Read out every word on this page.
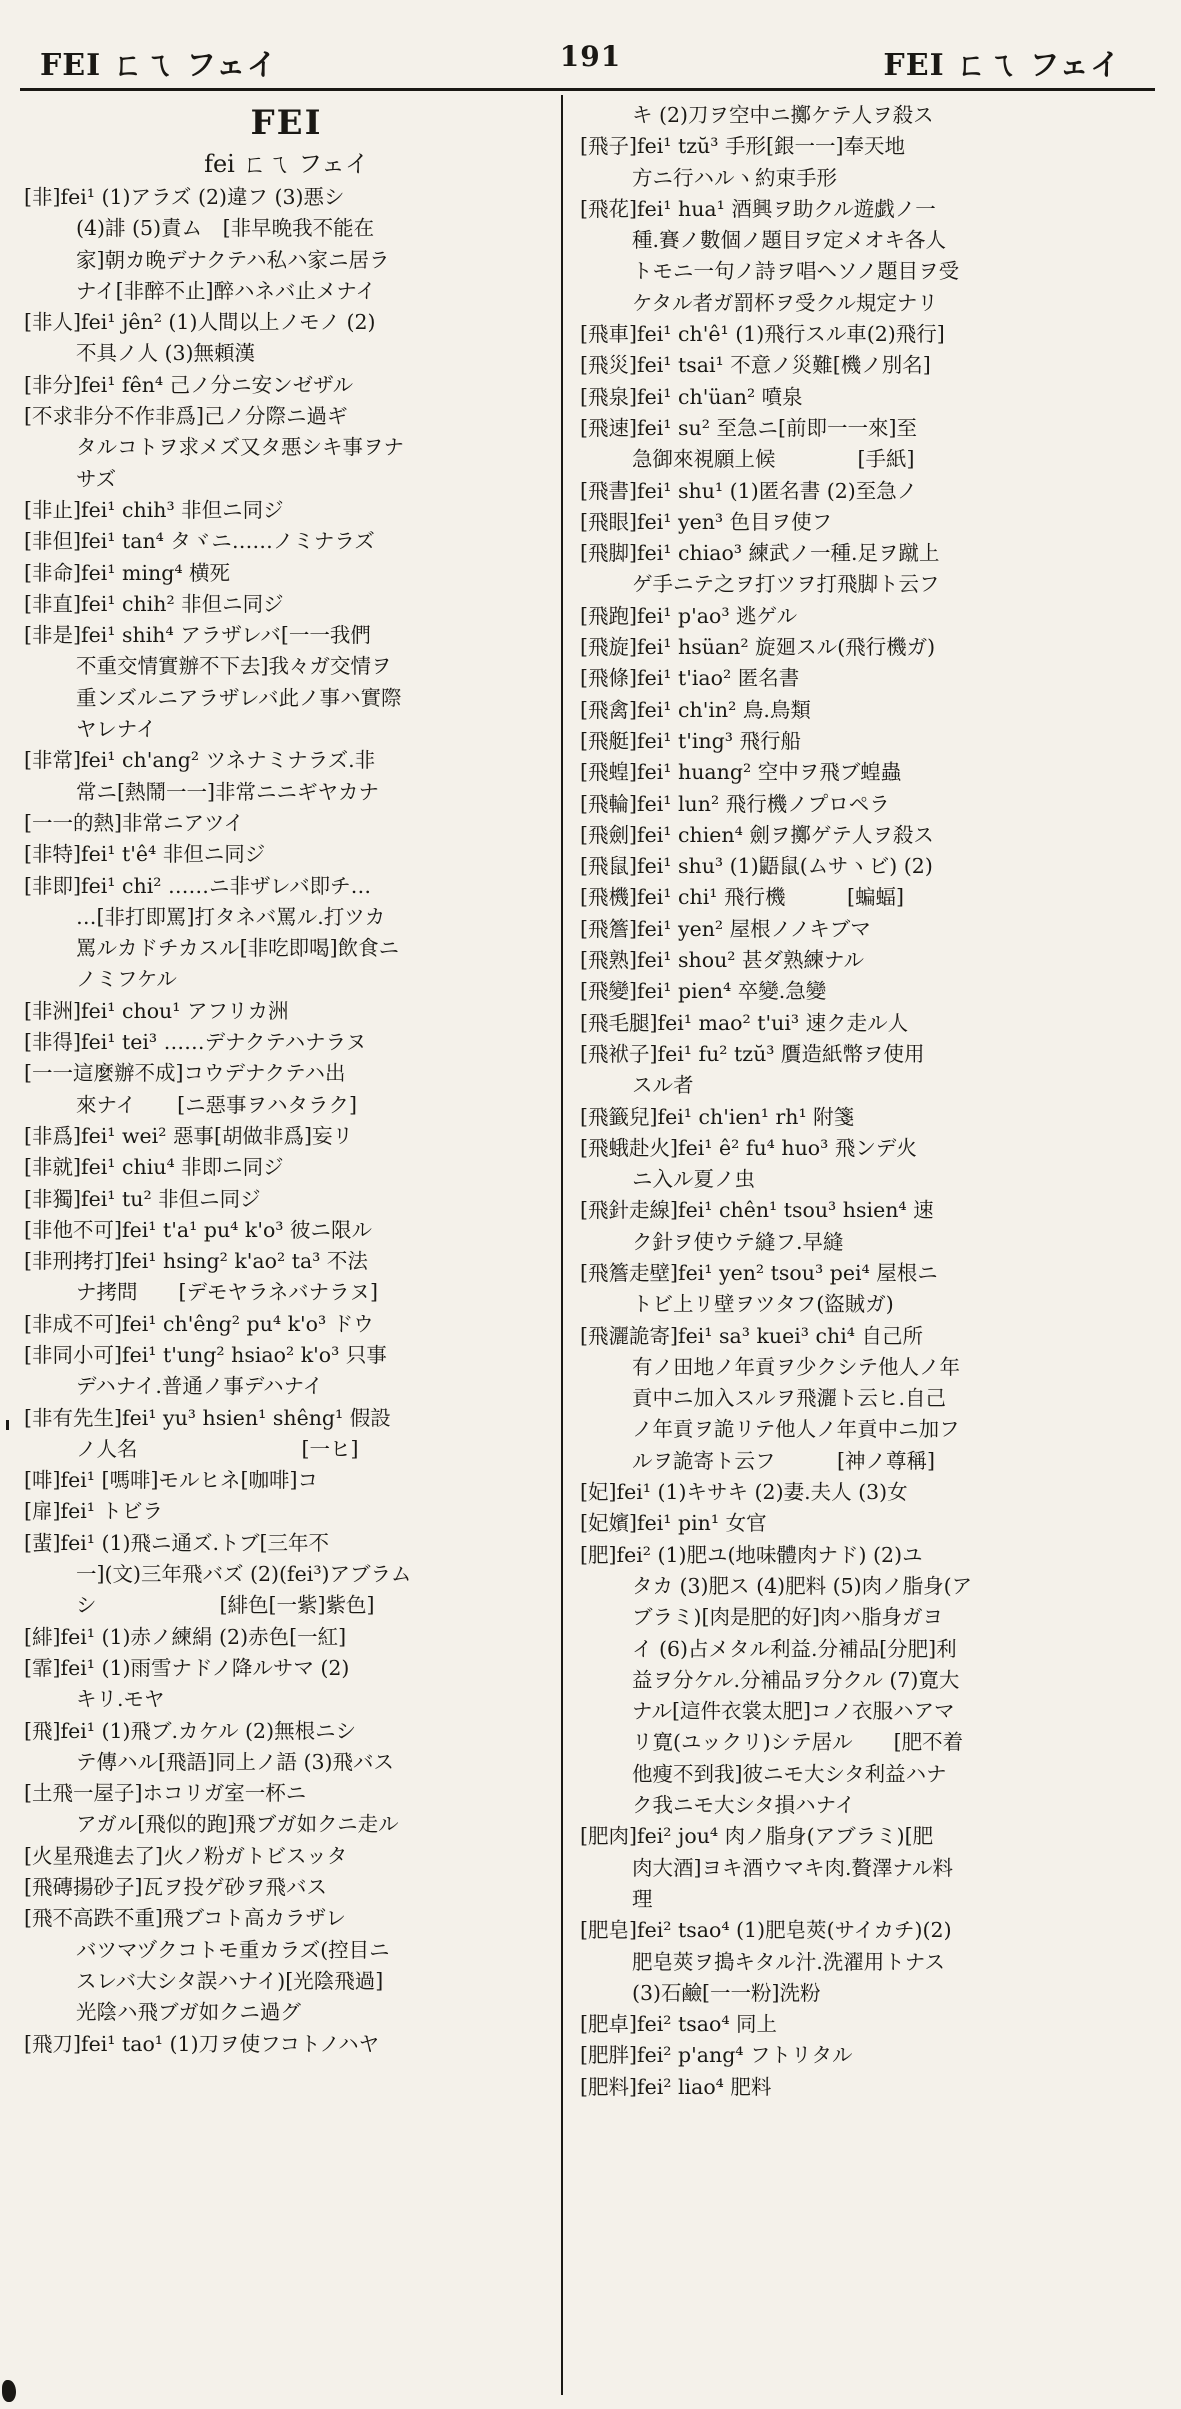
FEI ㄈㄟ フェイ	191	FEI ㄈㄟ フェイ
FEI
fei ㄈㄟ フェイ
[非]fei¹ (1)アラズ (2)違フ (3)悪シ
(4)誹 (5)責ム　[非早晩我不能在
家]朝カ晩デナクテハ私ハ家ニ居ラ
ナイ[非醉不止]醉ハネバ止メナイ
[非人]fei¹ jên² (1)人間以上ノモノ (2)
不具ノ人 (3)無頼漢
[非分]fei¹ fên⁴ 己ノ分ニ安ンゼザル
[不求非分不作非爲]己ノ分際ニ過ギ
タルコトヲ求メズ又タ悪シキ事ヲナ
サズ
[非止]fei¹ chih³ 非但ニ同ジ
[非但]fei¹ tan⁴ タヾニ……ノミナラズ
[非命]fei¹ ming⁴ 横死
[非直]fei¹ chih² 非但ニ同ジ
[非是]fei¹ shih⁴ アラザレバ[一一我們
不重交情實辦不下去]我々ガ交情ヲ
重ンズルニアラザレバ此ノ事ハ實際
ヤレナイ
[非常]fei¹ ch'ang² ツネナミナラズ.非
常ニ[熱鬧一一]非常ニニギヤカナ
[一一的熱]非常ニアツイ
[非特]fei¹ t'ê⁴ 非但ニ同ジ
[非即]fei¹ chi² ……ニ非ザレバ即チ…
…[非打即罵]打タネバ罵ル.打ツカ
罵ルカドチカスル[非吃即喝]飲食ニ
ノミフケル
[非洲]fei¹ chou¹ アフリカ洲
[非得]fei¹ tei³ ……デナクテハナラヌ
[一一這麼辦不成]コウデナクテハ出
來ナイ　　[ニ惡事ヲハタラク]
[非爲]fei¹ wei² 惡事[胡做非爲]妄リ
[非就]fei¹ chiu⁴ 非即ニ同ジ
[非獨]fei¹ tu² 非但ニ同ジ
[非他不可]fei¹ t'a¹ pu⁴ k'o³ 彼ニ限ル
[非刑拷打]fei¹ hsing² k'ao² ta³ 不法
ナ拷問　　[デモヤラネバナラヌ]
[非成不可]fei¹ ch'êng² pu⁴ k'o³ ドウ
[非同小可]fei¹ t'ung² hsiao² k'o³ 只事
デハナイ.普通ノ事デハナイ
[非有先生]fei¹ yu³ hsien¹ shêng¹ 假設
ノ人名　　　　　　　　[一ヒ]
[啡]fei¹ [嗎啡]モルヒネ[咖啡]コ
[扉]fei¹ トビラ
[蜚]fei¹ (1)飛ニ通ズ.トブ[三年不
一](文)三年飛バズ (2)(fei³)アブラム
シ　　　　　　[緋色[一紫]紫色]
[緋]fei¹ (1)赤ノ練絹 (2)赤色[一紅]
[霏]fei¹ (1)雨雪ナドノ降ルサマ (2)
キリ.モヤ
[飛]fei¹ (1)飛ブ.カケル (2)無根ニシ
テ傳ハル[飛語]同上ノ語 (3)飛バス
[土飛一屋子]ホコリガ室一杯ニ
アガル[飛似的跑]飛ブガ如クニ走ル
[火星飛進去了]火ノ粉ガトビスッタ
[飛磚揚砂子]瓦ヲ投ゲ砂ヲ飛バス
[飛不高跌不重]飛ブコト高カラザレ
バツマヅクコトモ重カラズ(控目ニ
スレバ大シタ誤ハナイ)[光陰飛過]
光陰ハ飛ブガ如クニ過グ
[飛刀]fei¹ tao¹ (1)刀ヲ使フコトノハヤ
キ (2)刀ヲ空中ニ擲ケテ人ヲ殺ス
[飛子]fei¹ tzŭ³ 手形[銀一一]奉天地
方ニ行ハルヽ約束手形
[飛花]fei¹ hua¹ 酒興ヲ助クル遊戯ノ一
種.賽ノ數個ノ題目ヲ定メオキ各人
トモニ一句ノ詩ヲ唱ヘソノ題目ヲ受
ケタル者ガ罰杯ヲ受クル規定ナリ
[飛車]fei¹ ch'ê¹ (1)飛行スル車(2)飛行]
[飛災]fei¹ tsai¹ 不意ノ災難[機ノ別名]
[飛泉]fei¹ ch'üan² 噴泉
[飛速]fei¹ su² 至急ニ[前即一一來]至
急御來視願上候　　　　[手紙]
[飛書]fei¹ shu¹ (1)匿名書 (2)至急ノ
[飛眼]fei¹ yen³ 色目ヲ使フ
[飛脚]fei¹ chiao³ 練武ノ一種.足ヲ蹴上
ゲ手ニテ之ヲ打ツヲ打飛脚ト云フ
[飛跑]fei¹ p'ao³ 逃ゲル
[飛旋]fei¹ hsüan² 旋廻スル(飛行機ガ)
[飛條]fei¹ t'iao² 匿名書
[飛禽]fei¹ ch'in² 鳥.鳥類
[飛艇]fei¹ t'ing³ 飛行船
[飛蝗]fei¹ huang² 空中ヲ飛ブ蝗蟲
[飛輪]fei¹ lun² 飛行機ノプロペラ
[飛劍]fei¹ chien⁴ 劍ヲ擲ゲテ人ヲ殺ス
[飛鼠]fei¹ shu³ (1)鼯鼠(ムサヽビ) (2)
[飛機]fei¹ chi¹ 飛行機　　　[蝙蝠]
[飛簷]fei¹ yen² 屋根ノノキブマ
[飛熟]fei¹ shou² 甚ダ熟練ナル
[飛變]fei¹ pien⁴ 卒變.急變
[飛毛腿]fei¹ mao² t'ui³ 速ク走ル人
[飛袱子]fei¹ fu² tzŭ³ 贋造紙幣ヲ使用
スル者
[飛籤兒]fei¹ ch'ien¹ rh¹ 附箋
[飛蛾赴火]fei¹ ê² fu⁴ huo³ 飛ンデ火
ニ入ル夏ノ虫
[飛針走線]fei¹ chên¹ tsou³ hsien⁴ 速
ク針ヲ使ウテ縫フ.早縫
[飛簷走壁]fei¹ yen² tsou³ pei⁴ 屋根ニ
トビ上リ壁ヲツタフ(盜賊ガ)
[飛灑詭寄]fei¹ sa³ kuei³ chi⁴ 自己所
有ノ田地ノ年貢ヲ少クシテ他人ノ年
貢中ニ加入スルヲ飛灑ト云ヒ.自己
ノ年貢ヲ詭リテ他人ノ年貢中ニ加フ
ルヲ詭寄ト云フ　　　[神ノ尊稱]
[妃]fei¹ (1)キサキ (2)妻.夫人 (3)女
[妃嬪]fei¹ pin¹ 女官
[肥]fei² (1)肥ユ(地味體肉ナド) (2)ユ
タカ (3)肥ス (4)肥料 (5)肉ノ脂身(ア
ブラミ)[肉是肥的好]肉ハ脂身ガヨ
イ (6)占メタル利益.分補品[分肥]利
益ヲ分ケル.分補品ヲ分クル (7)寛大
ナル[這件衣裳太肥]コノ衣服ハアマ
リ寛(ユックリ)シテ居ル　　[肥不着
他瘦不到我]彼ニモ大シタ利益ハナ
ク我ニモ大シタ損ハナイ
[肥肉]fei² jou⁴ 肉ノ脂身(アブラミ)[肥
肉大酒]ヨキ酒ウマキ肉.贅澤ナル料
理
[肥皂]fei² tsao⁴ (1)肥皂莢(サイカチ)(2)
肥皂莢ヲ搗キタル汁.洗濯用トナス
(3)石鹼[一一粉]洗粉
[肥卓]fei² tsao⁴ 同上
[肥胖]fei² p'ang⁴ フトリタル
[肥料]fei² liao⁴ 肥料
